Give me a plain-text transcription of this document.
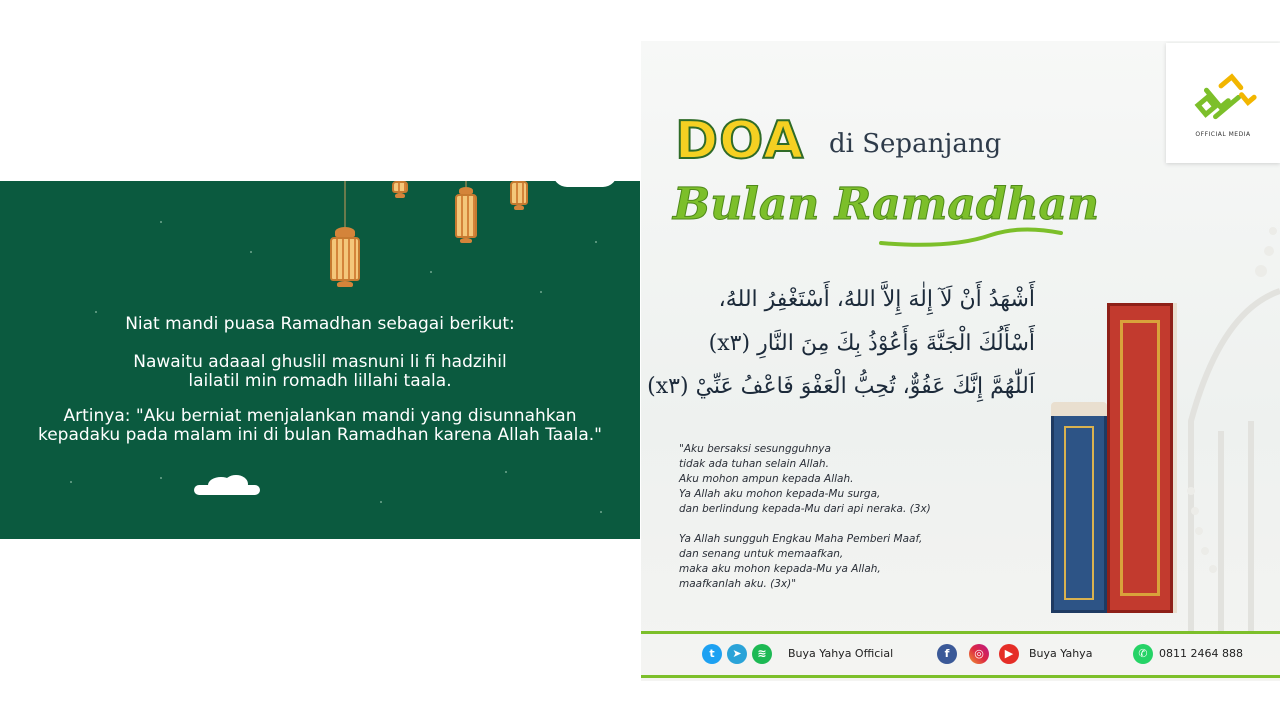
Niat mandi puasa Ramadhan sebagai berikut:
Nawaitu adaaal ghuslil masnuni li fi hadzihil
lailatil min romadh lillahi taala.
Artinya: "Aku berniat menjalankan mandi yang disunnahkan
kepadaku pada malam ini di bulan Ramadhan karena Allah Taala."
OFFICIAL MEDIA
DOA di Sepanjang
Bulan Ramadhan
أَشْهَدُ أَنْ لَآ إِلٰهَ إِلاَّ اللهُ، أَسْتَغْفِرُ اللهُ،
أَسْأَلُكَ الْجَنَّةَ وَأَعُوْذُ بِكَ مِنَ النَّارِ (x٣)
اَللّٰهُمَّ إِنَّكَ عَفُوٌّ، تُحِبُّ الْعَفْوَ فَاعْفُ عَنِّيْ (x٣)
"Aku bersaksi sesungguhnya
tidak ada tuhan selain Allah.
Aku mohon ampun kepada Allah.
Ya Allah aku mohon kepada-Mu surga,
dan berlindung kepada-Mu dari api neraka. (3x)
Ya Allah sungguh Engkau Maha Pemberi Maaf,
dan senang untuk memaafkan,
maka aku mohon kepada-Mu ya Allah,
maafkanlah aku. (3x)"
t	➤	≋	Buya Yahya Official	f	◎	▶	Buya Yahya	✆	0811 2464 888
